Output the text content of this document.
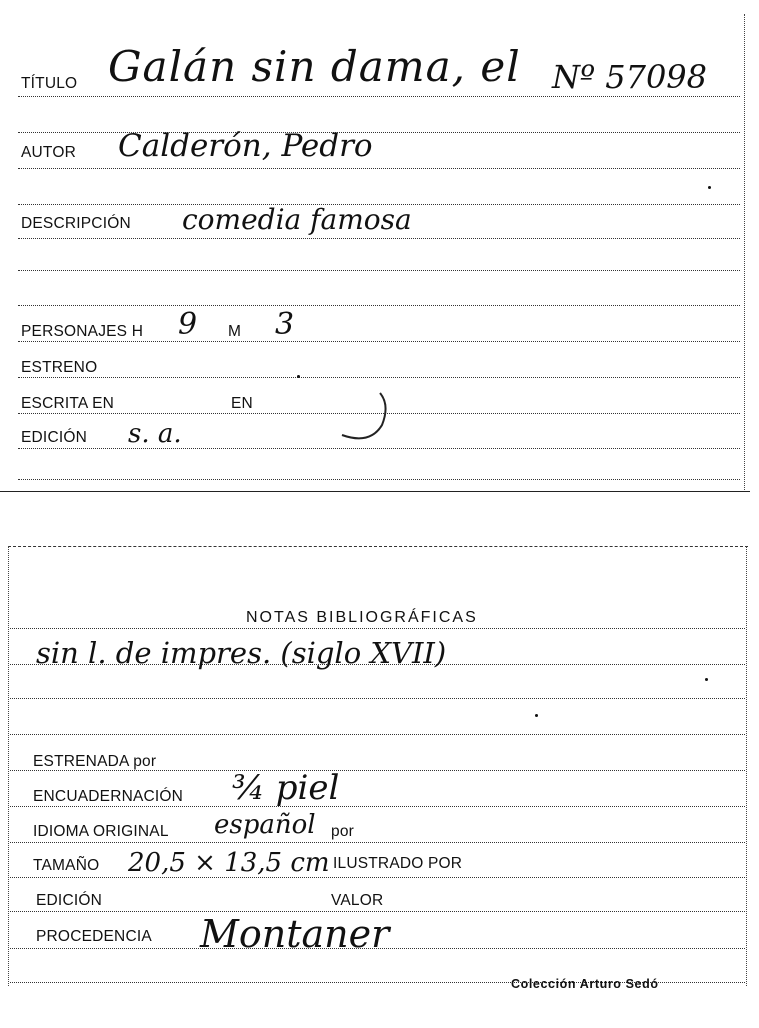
TÍTULO Galán sin dama, el Nº 57098
AUTOR Calderón, Pedro
DESCRIPCIÓN comedia famosa
PERSONAJES H 9 M 3
ESTRENO
ESCRITA EN	EN
EDICIÓN s. a.
NOTAS BIBLIOGRÁFICAS
sin l. de impres. (siglo XVII)
ESTRENADA por
ENCUADERNACIÓN ¾ piel
IDIOMA ORIGINAL español por
TAMAÑO 20,5 × 13,5 cm ILUSTRADO POR
EDICIÓN	VALOR
PROCEDENCIA Montaner
Colección Arturo Sedó
